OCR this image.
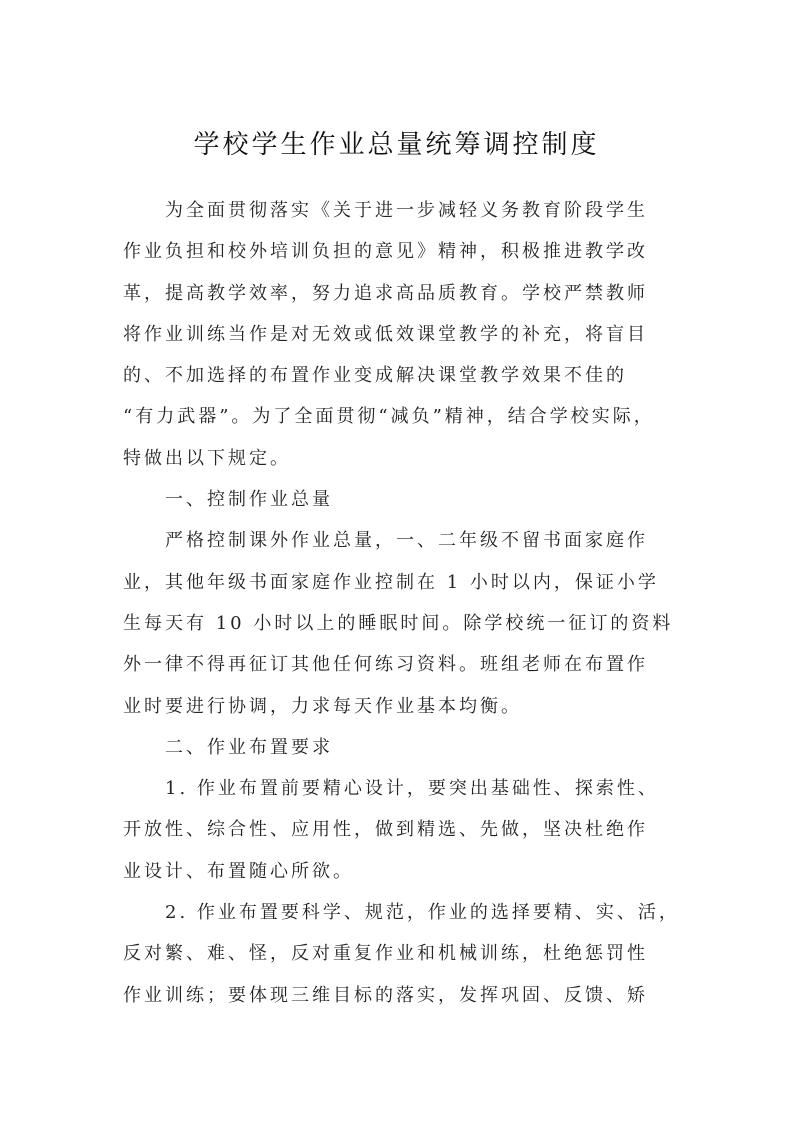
学校学生作业总量统筹调控制度
为全面贯彻落实《关于进一步减轻义务教育阶段学生
作业负担和校外培训负担的意见》精神，积极推进教学改
革，提高教学效率，努力追求高品质教育。学校严禁教师
将作业训练当作是对无效或低效课堂教学的补充，将盲目
的、不加选择的布置作业变成解决课堂教学效果不佳的
“有力武器”。为了全面贯彻“减负”精神，结合学校实际，
特做出以下规定。
一、控制作业总量
严格控制课外作业总量，一、二年级不留书面家庭作
业，其他年级书面家庭作业控制在 1 小时以内，保证小学
生每天有 10 小时以上的睡眠时间。除学校统一征订的资料
外一律不得再征订其他任何练习资料。班组老师在布置作
业时要进行协调，力求每天作业基本均衡。
二、作业布置要求
1. 作业布置前要精心设计，要突出基础性、探索性、
开放性、综合性、应用性，做到精选、先做，坚决杜绝作
业设计、布置随心所欲。
2. 作业布置要科学、规范，作业的选择要精、实、活，
反对繁、难、怪，反对重复作业和机械训练，杜绝惩罚性
作业训练；要体现三维目标的落实，发挥巩固、反馈、矫
